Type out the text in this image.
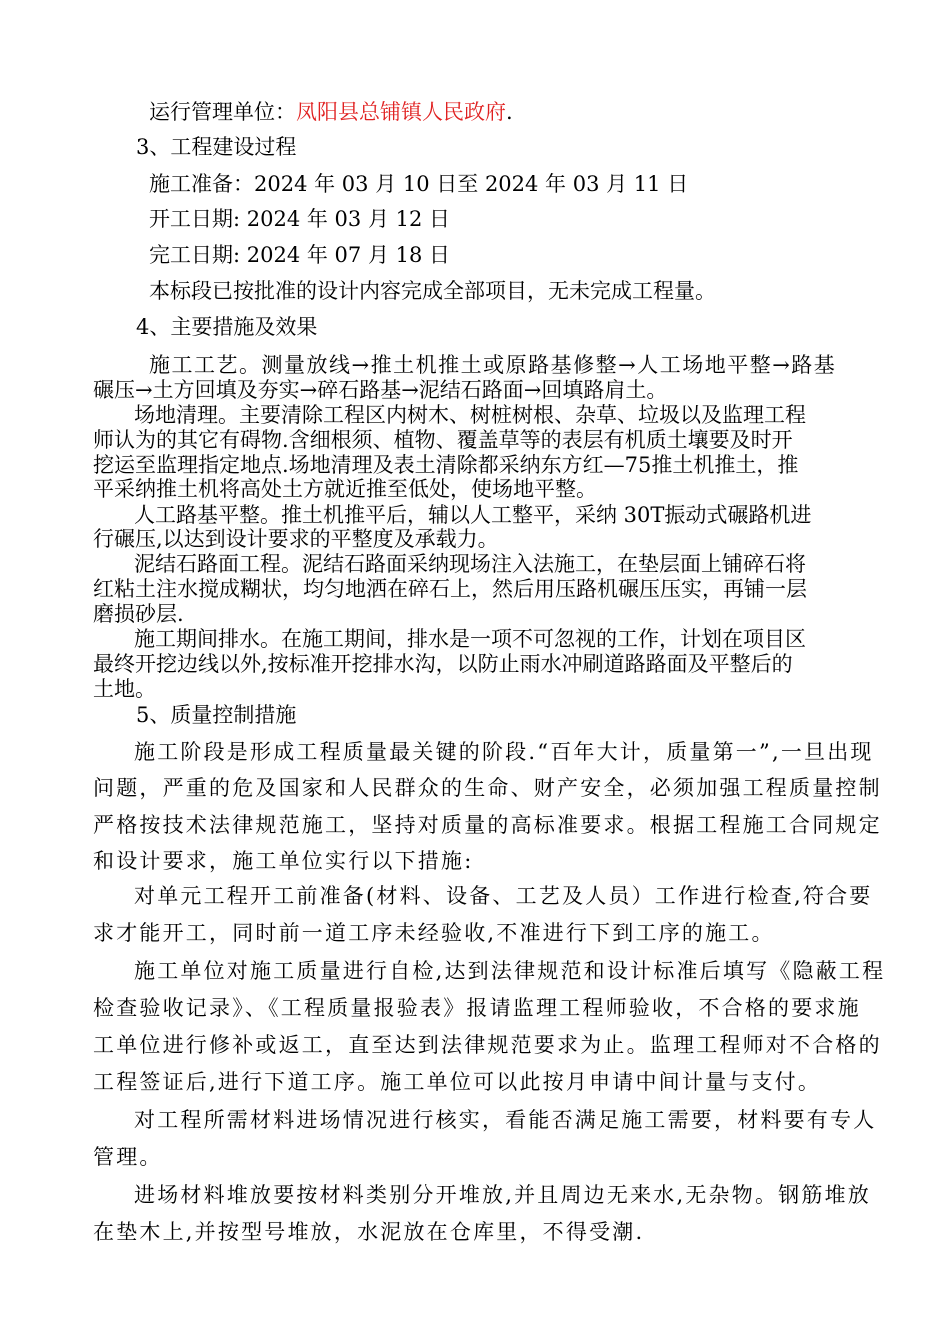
运行管理单位：凤阳县总铺镇人民政府.
3、工程建设过程
施工准备：2024 年 03 月 10 日至 2024 年 03 月 11 日
开工日期: 2024 年 03 月 12 日
完工日期: 2024 年 07 月 18 日
本标段已按批准的设计内容完成全部项目，无未完成工程量。
4、主要措施及效果
施工工艺。测量放线→推土机推土或原路基修整→人工场地平整→路基
碾压→土方回填及夯实→碎石路基→泥结石路面→回填路肩土。
场地清理。主要清除工程区内树木、树桩树根、杂草、垃圾以及监理工程
师认为的其它有碍物.含细根须、植物、覆盖草等的表层有机质土壤要及时开
挖运至监理指定地点.场地清理及表土清除都采纳东方红—75推土机推土，推
平采纳推土机将高处土方就近推至低处，使场地平整。
人工路基平整。推土机推平后，辅以人工整平，采纳 30T振动式碾路机进
行碾压,以达到设计要求的平整度及承载力。
泥结石路面工程。泥结石路面采纳现场注入法施工，在垫层面上铺碎石将
红粘土注水搅成糊状，均匀地洒在碎石上，然后用压路机碾压压实，再铺一层
磨损砂层.
施工期间排水。在施工期间，排水是一项不可忽视的工作，计划在项目区
最终开挖边线以外,按标准开挖排水沟，以防止雨水冲刷道路路面及平整后的
土地。
5、质量控制措施
施工阶段是形成工程质量最关键的阶段.“百年大计，质量第一”,一旦出现
问题，严重的危及国家和人民群众的生命、财产安全，必须加强工程质量控制
严格按技术法律规范施工，坚持对质量的高标准要求。根据工程施工合同规定
和设计要求，施工单位实行以下措施:
对单元工程开工前准备(材料、设备、工艺及人员）工作进行检查,符合要
求才能开工，同时前一道工序未经验收,不准进行下到工序的施工。
施工单位对施工质量进行自检,达到法律规范和设计标准后填写《隐蔽工程
检查验收记录》、《工程质量报验表》报请监理工程师验收，不合格的要求施
工单位进行修补或返工，直至达到法律规范要求为止。监理工程师对不合格的
工程签证后,进行下道工序。施工单位可以此按月申请中间计量与支付。
对工程所需材料进场情况进行核实，看能否满足施工需要，材料要有专人
管理。
进场材料堆放要按材料类别分开堆放,并且周边无来水,无杂物。钢筋堆放
在垫木上,并按型号堆放，水泥放在仓库里，不得受潮.
